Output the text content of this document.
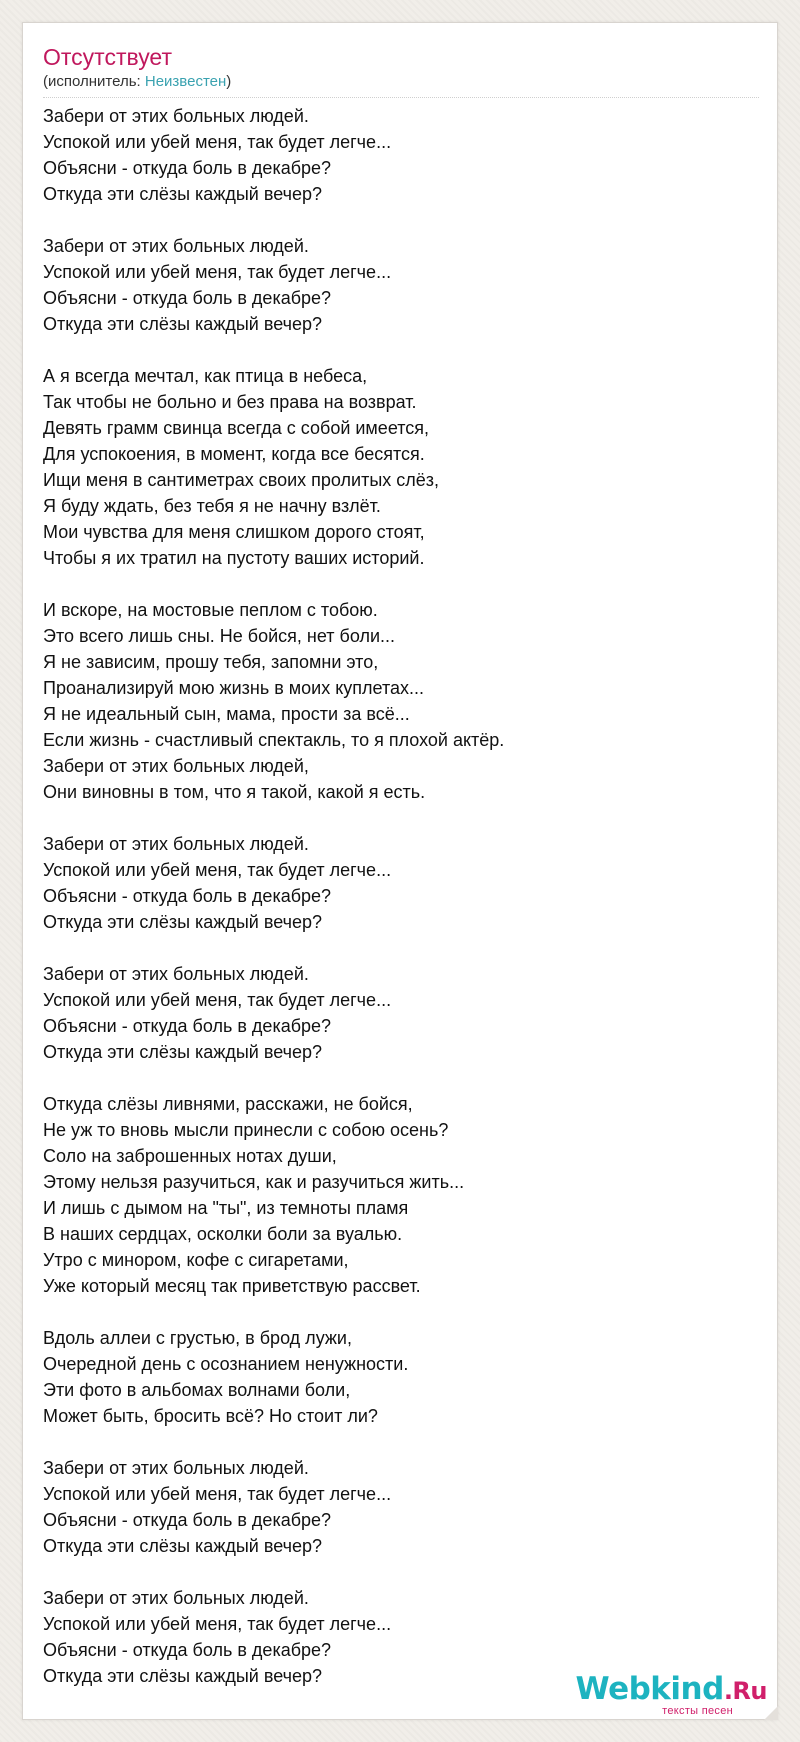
Отсутствует
(исполнитель: Неизвестен)
Забери от этих больных людей.
Успокой или убей меня, так будет легче...
Объясни - откуда боль в декабре?
Откуда эти слёзы каждый вечер?
Забери от этих больных людей.
Успокой или убей меня, так будет легче...
Объясни - откуда боль в декабре?
Откуда эти слёзы каждый вечер?
А я всегда мечтал, как птица в небеса,
Так чтобы не больно и без права на возврат.
Девять грамм свинца всегда с собой имеется,
Для успокоения, в момент, когда все бесятся.
Ищи меня в сантиметрах своих пролитых слёз,
Я буду ждать, без тебя я не начну взлёт.
Мои чувства для меня слишком дорого стоят,
Чтобы я их тратил на пустоту ваших историй.
И вскоре, на мостовые пеплом с тобою.
Это всего лишь сны. Не бойся, нет боли...
Я не зависим, прошу тебя, запомни это,
Проанализируй мою жизнь в моих куплетах...
Я не идеальный сын, мама, прости за всё...
Если жизнь - счастливый спектакль, то я плохой актёр.
Забери от этих больных людей,
Они виновны в том, что я такой, какой я есть.
Забери от этих больных людей.
Успокой или убей меня, так будет легче...
Объясни - откуда боль в декабре?
Откуда эти слёзы каждый вечер?
Забери от этих больных людей.
Успокой или убей меня, так будет легче...
Объясни - откуда боль в декабре?
Откуда эти слёзы каждый вечер?
Откуда слёзы ливнями, расскажи, не бойся,
Не уж то вновь мысли принесли с собою осень?
Соло на заброшенных нотах души,
Этому нельзя разучиться, как и разучиться жить...
И лишь с дымом на "ты", из темноты пламя
В наших сердцах, осколки боли за вуалью.
Утро с минором, кофе с сигаретами,
Уже который месяц так приветствую рассвет.
Вдоль аллеи с грустью, в брод лужи,
Очередной день с осознанием ненужности.
Эти фото в альбомах волнами боли,
Может быть, бросить всё? Но стоит ли?
Забери от этих больных людей.
Успокой или убей меня, так будет легче...
Объясни - откуда боль в декабре?
Откуда эти слёзы каждый вечер?
Забери от этих больных людей.
Успокой или убей меня, так будет легче...
Объясни - откуда боль в декабре?
Откуда эти слёзы каждый вечер?	Webkind.Ru
тексты песен
